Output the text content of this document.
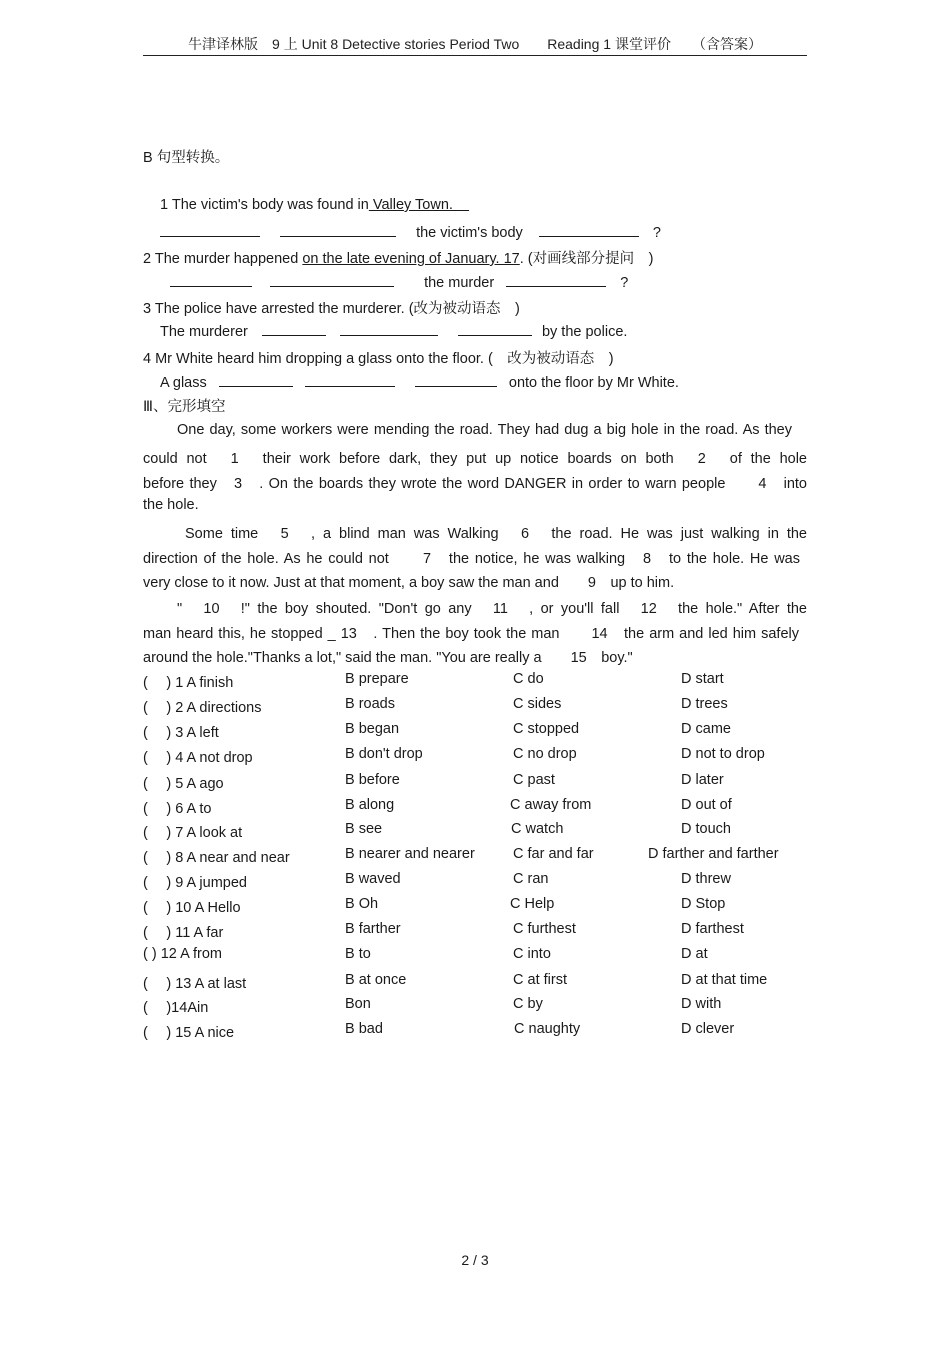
牛津译林版　9 上 Unit 8 Detective stories Period Two　　Reading 1 课堂评价　　（含答案）
B 句型转换。
1 The victim's body was found in Valley Town.
the victim's body	?
2 The murder happened on the late evening of January. 17. (对画线部分提问　)
the murder	?
3 The police have arrested the murderer. (改为被动语态　)
The murderer	by the police.
4 Mr White heard him dropping a glass onto the floor. (　改为被动语态　)
A glass	onto the floor by Mr White.
Ⅲ、完形填空
One day, some workers were mending the road. They had dug a big hole in the road. As they
could not　1　their work before dark, they put up notice boards on both　2　of the hole
before they　3　. On the boards they wrote the word DANGER in order to warn people　　4　into
the hole.
Some time　5　, a blind man was Walking　6　the road. He was just walking in the
direction of the hole. As he could not　　7　the notice, he was walking　8　to the hole. He was
very close to it now. Just at that moment, a boy saw the man and　　9　up to him.
"　10　!" the boy shouted. "Don't go any　11　, or you'll fall　12　the hole." After the
man heard this, he stopped _ 13　. Then the boy took the man　　14　the arm and led him safely
around the hole."Thanks a lot," said the man. "You are really a　　15　boy."
(　 ) 1 A finish	B prepare	C do	D start
(　 ) 2 A directions	B roads	C sides	D trees
(　 ) 3 A left	B began	C stopped	D came
(　 ) 4 A not drop	B don't drop	C no drop	D not to drop
(　 ) 5 A ago	B before	C past	D later
(　 ) 6 A to	B along	C away from	D out of
(　 ) 7 A look at	B see	C watch	D touch
(　 ) 8 A near and near	B nearer and nearer	C far and far	D farther and farther
(　 ) 9 A jumped	B waved	C ran	D threw
(　 ) 10 A Hello	B Oh	C Help	D Stop
(　 ) 11 A far	B farther	C furthest	D farthest
( ) 12 A from	B to	C into	D at
(　 ) 13 A at last	B at once	C at first	D at that time
(　 )14Ain	Bon	C by	D with
(　 ) 15 A nice	B bad	C naughty	D clever
2 / 3
